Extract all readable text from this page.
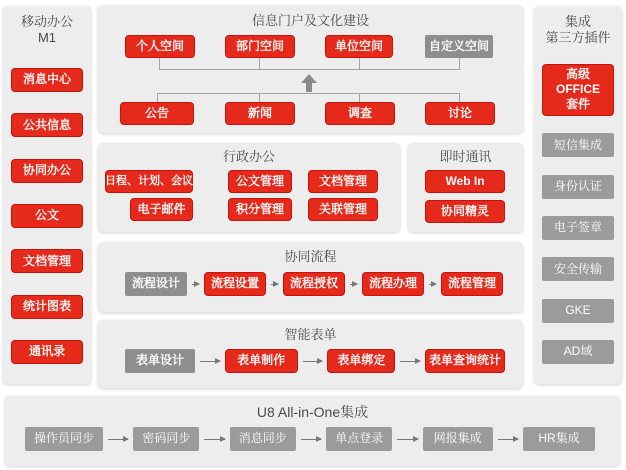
移动办公
M1
消息中心
公共信息
协同办公
公文
文档管理
统计图表
通讯录
信息门户及文化建设
个人空间	部门空间	单位空间	自定义空间
公告	新闻	调查	讨论
行政办公
日程、计划、会议	公文管理	文档管理
电子邮件	积分管理	关联管理
即时通讯
Web In
协同精灵
协同流程
流程设计	流程设置	流程授权	流程办理	流程管理
智能表单
表单设计	表单制作	表单绑定	表单查询统计
集成
第三方插件
高级
OFFICE
套件
短信集成
身份认证
电子签章
安全传输
GKE
AD域
U8 All-in-One集成
操作员同步	密码同步	消息同步	单点登录	网报集成	HR集成
